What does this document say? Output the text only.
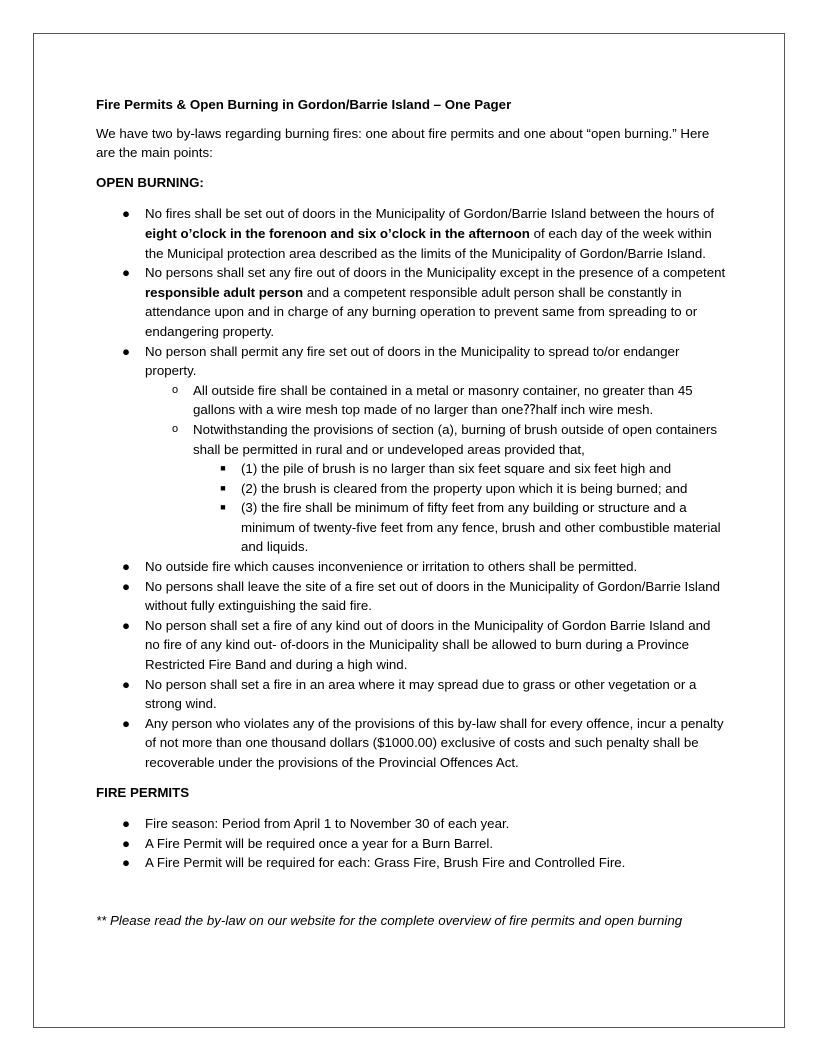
Fire Permits & Open Burning in Gordon/Barrie Island – One Pager

We have two by-laws regarding burning fires: one about fire permits and one about “open burning.” Here are the main points:

OPEN BURNING:

● No fires shall be set out of doors in the Municipality of Gordon/Barrie Island between the hours of eight o’clock in the forenoon and six o’clock in the afternoon of each day of the week within the Municipal protection area described as the limits of the Municipality of Gordon/Barrie Island.
● No persons shall set any fire out of doors in the Municipality except in the presence of a competent responsible adult person and a competent responsible adult person shall be constantly in attendance upon and in charge of any burning operation to prevent same from spreading to or endangering property.
● No person shall permit any fire set out of doors in the Municipality to spread to/or endanger property.
o All outside fire shall be contained in a metal or masonry container, no greater than 45 gallons with a wire mesh top made of no larger than one⁇half inch wire mesh.
o Notwithstanding the provisions of section (a), burning of brush outside of open containers shall be permitted in rural and or undeveloped areas provided that,
■ (1) the pile of brush is no larger than six feet square and six feet high and
■ (2) the brush is cleared from the property upon which it is being burned; and
■ (3) the fire shall be minimum of fifty feet from any building or structure and a minimum of twenty-five feet from any fence, brush and other combustible material and liquids.
● No outside fire which causes inconvenience or irritation to others shall be permitted.
● No persons shall leave the site of a fire set out of doors in the Municipality of Gordon/Barrie Island without fully extinguishing the said fire.
● No person shall set a fire of any kind out of doors in the Municipality of Gordon Barrie Island and no fire of any kind out- of-doors in the Municipality shall be allowed to burn during a Province Restricted Fire Band and during a high wind.
● No person shall set a fire in an area where it may spread due to grass or other vegetation or a strong wind.
● Any person who violates any of the provisions of this by-law shall for every offence, incur a penalty of not more than one thousand dollars ($1000.00) exclusive of costs and such penalty shall be recoverable under the provisions of the Provincial Offences Act.

FIRE PERMITS

● Fire season: Period from April 1 to November 30 of each year.
● A Fire Permit will be required once a year for a Burn Barrel.
● A Fire Permit will be required for each: Grass Fire, Brush Fire and Controlled Fire.

** Please read the by-law on our website for the complete overview of fire permits and open burning
